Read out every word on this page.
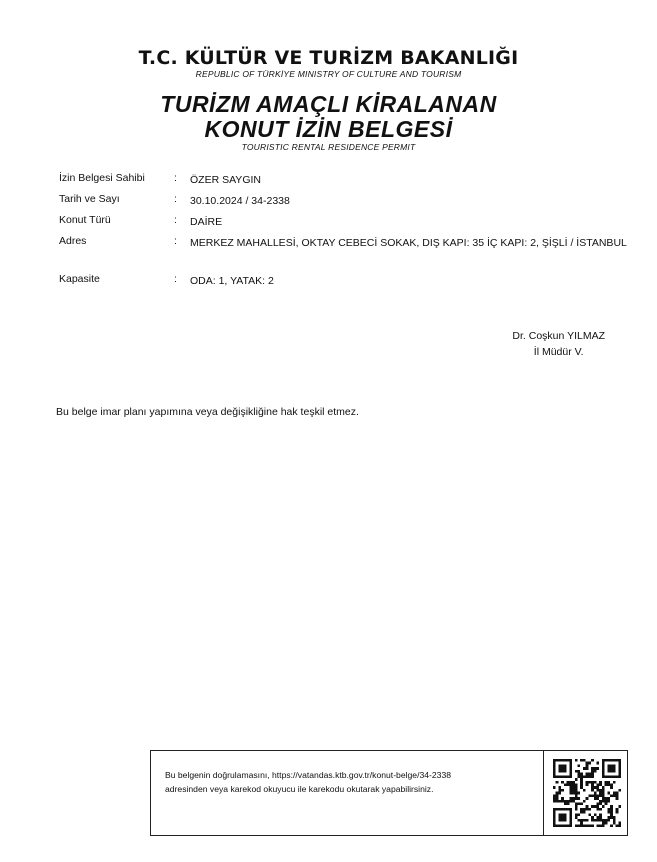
T.C. KÜLTÜR VE TURİZM BAKANLIĞI
REPUBLIC OF TÜRKİYE MINISTRY OF CULTURE AND TOURISM
TURİZM AMAÇLI KİRALANAN
KONUT İZİN BELGESİ
TOURISTIC RENTAL RESIDENCE PERMIT
İzin Belgesi Sahibi	: ÖZER SAYGIN
Tarih ve Sayı	: 30.10.2024 / 34-2338
Konut Türü	: DAİRE
Adres	: MERKEZ MAHALLESİ, OKTAY CEBECİ SOKAK, DIŞ KAPI: 35 İÇ KAPI: 2, ŞİŞLİ / İSTANBUL
Kapasite	: ODA: 1, YATAK: 2
Dr. Coşkun YILMAZ
İl Müdür V.
Bu belge imar planı yapımına veya değişikliğine hak teşkil etmez.
Bu belgenin doğrulamasını, https://vatandas.ktb.gov.tr/konut-belge/34-2338
adresinden veya karekod okuyucu ile karekodu okutarak yapabilirsiniz.
